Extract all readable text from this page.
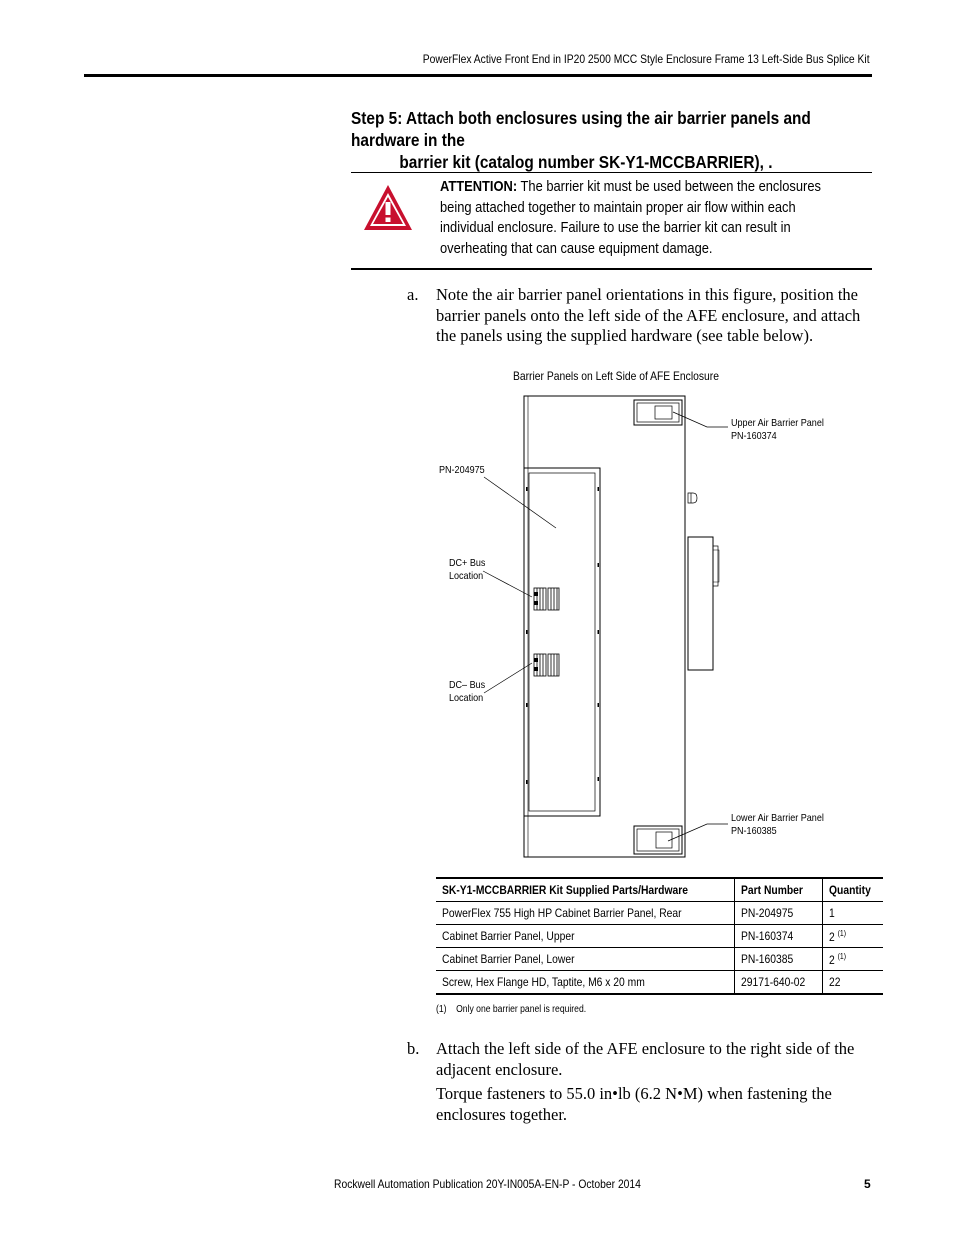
PowerFlex Active Front End in IP20 2500 MCC Style Enclosure Frame 13 Left-Side Bus Splice Kit
Step 5: Attach both enclosures using the air barrier panels and hardware in the
barrier kit (catalog number SK-Y1-MCCBARRIER), .
ATTENTION: The barrier kit must be used between the enclosures being attached together to maintain proper air flow within each individual enclosure. Failure to use the barrier kit can result in overheating that can cause equipment damage.
a. Note the air barrier panel orientations in this figure, position the barrier panels onto the left side of the AFE enclosure, and attach the panels using the supplied hardware (see table below).
Barrier Panels on Left Side of AFE Enclosure
Upper Air Barrier Panel
PN-160374
PN-204975
DC+ Bus
Location
DC– Bus
Location
Lower Air Barrier Panel
PN-160385
SK-Y1-MCCBARRIER Kit Supplied Parts/Hardware	Part Number	Quantity
PowerFlex 755 High HP Cabinet Barrier Panel, Rear	PN-204975	1
Cabinet Barrier Panel, Upper	PN-160374	2 $^{(1)}$
Cabinet Barrier Panel, Lower	PN-160385	2 $^{(1)}$
Screw, Hex Flange HD, Taptite, M6 x 20 mm	29171-640-02	22
(1) Only one barrier panel is required.
b. Attach the left side of the AFE enclosure to the right side of the adjacent enclosure.
Torque fasteners to 55.0 in•lb (6.2 N•M) when fastening the enclosures together.
Rockwell Automation Publication 20Y-IN005A-EN-P - October 2014	5
